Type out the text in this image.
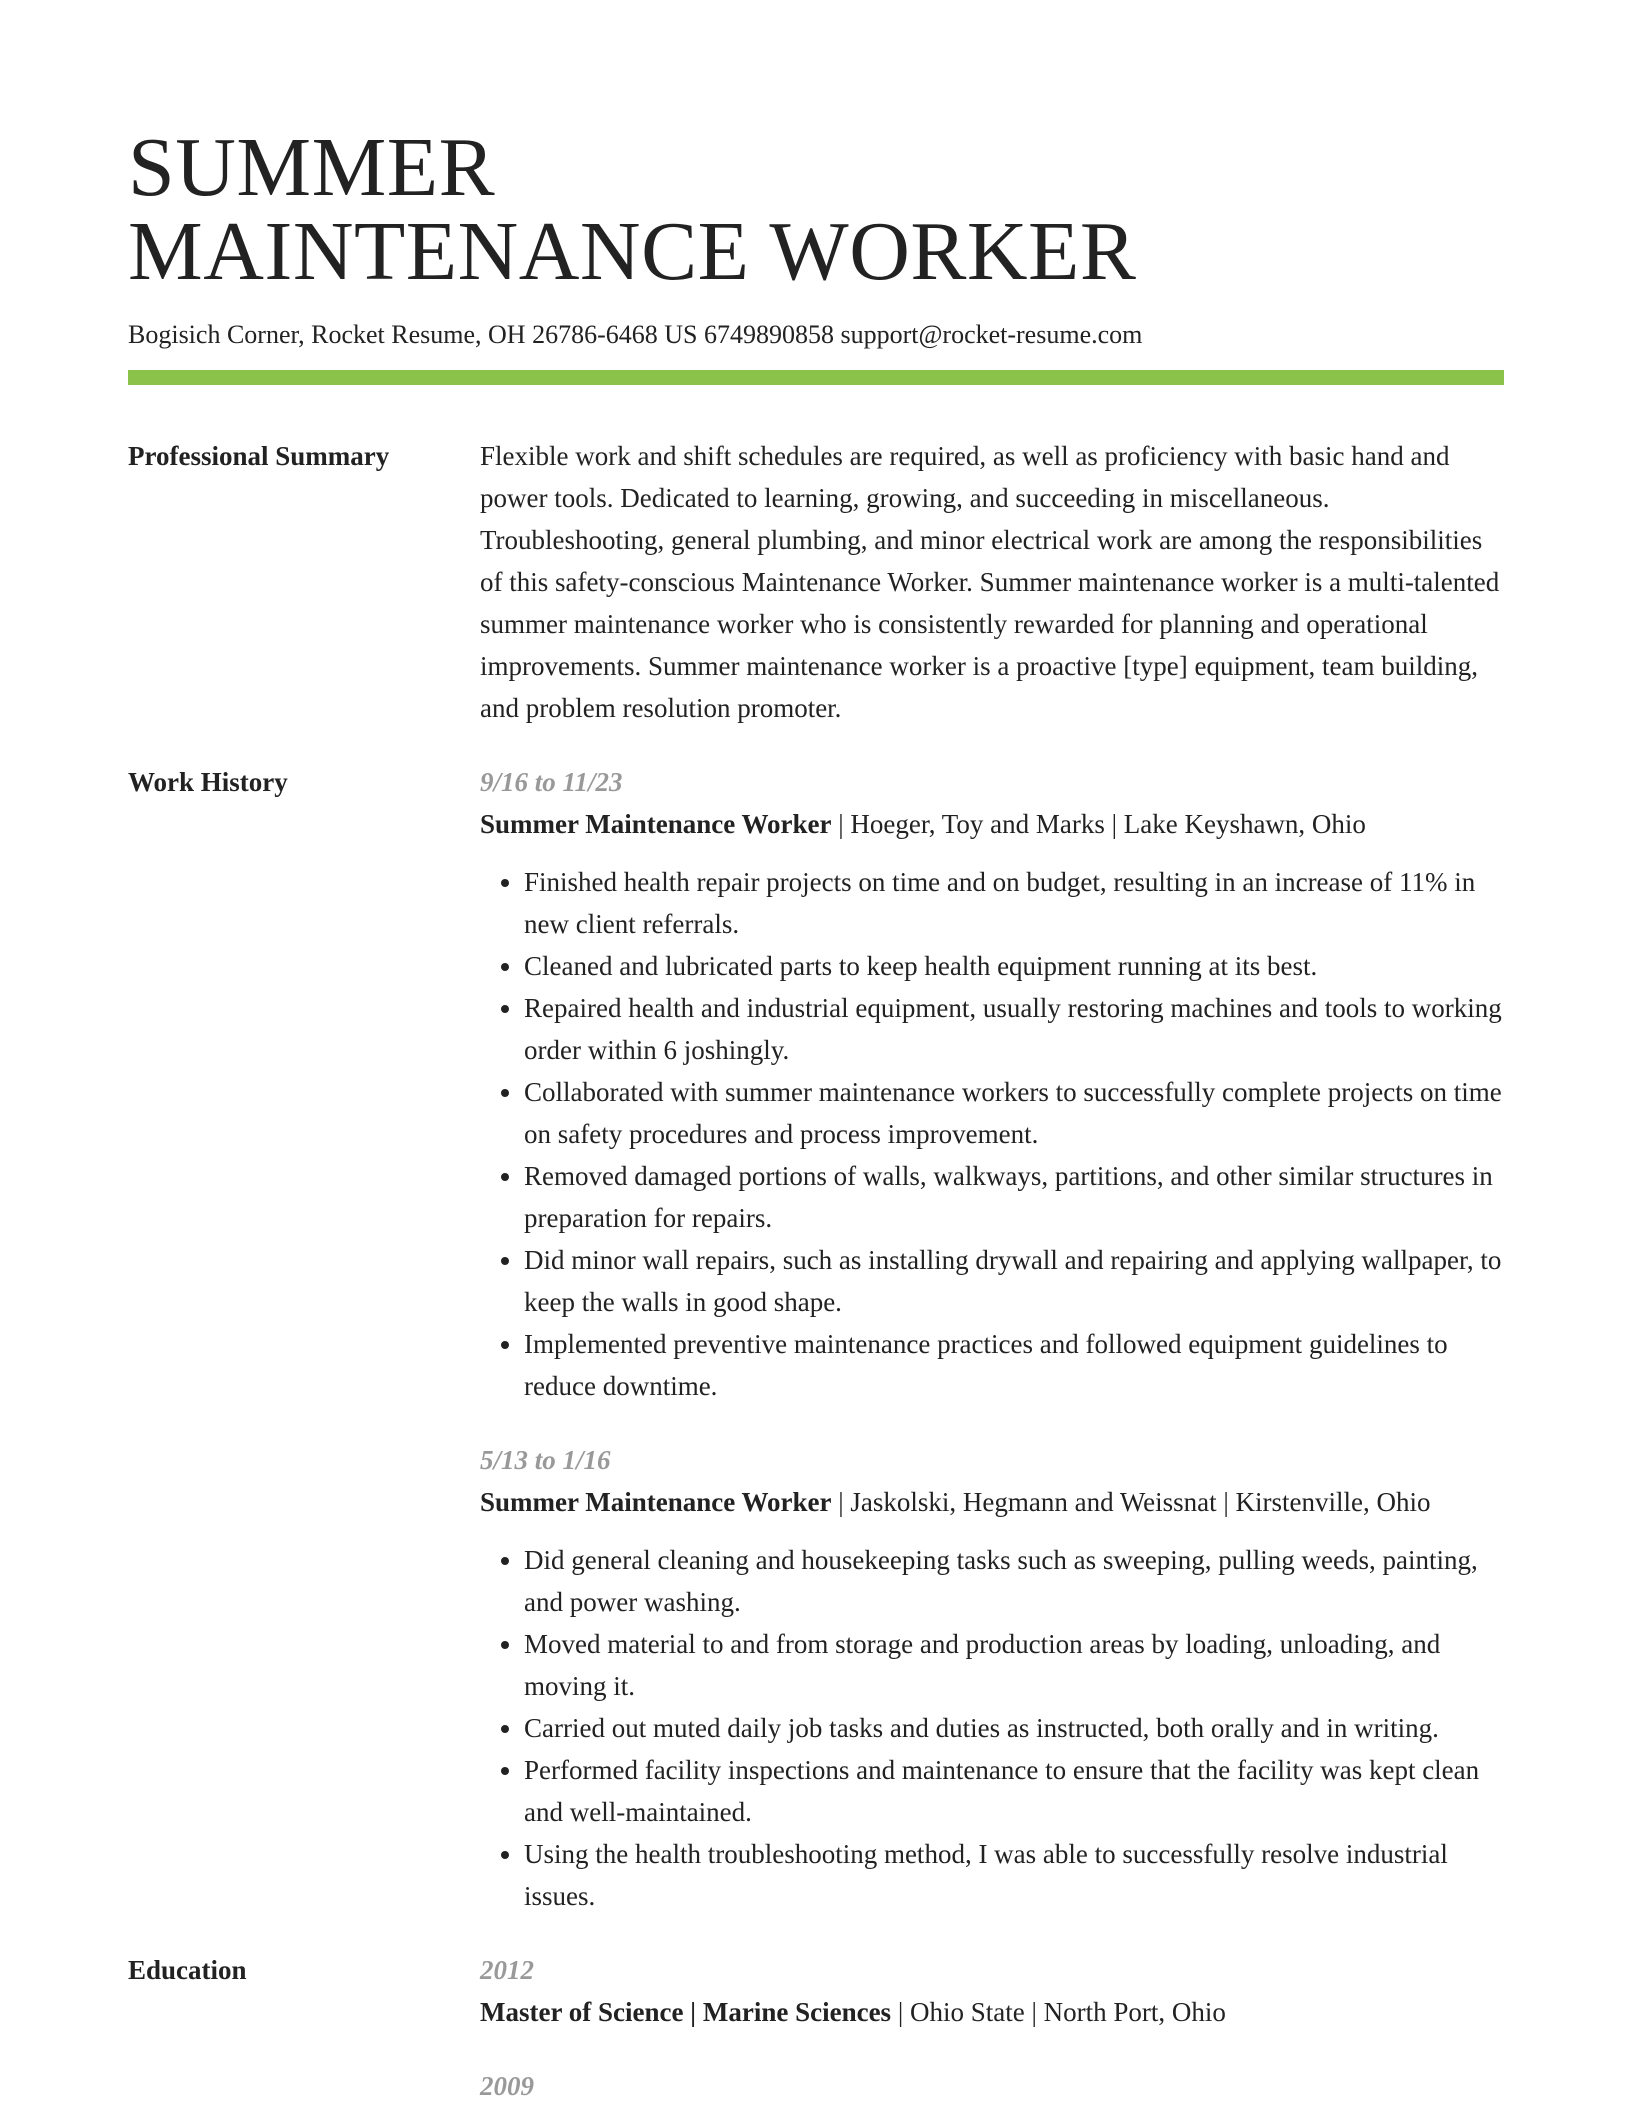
SUMMER
MAINTENANCE WORKER
Bogisich Corner, Rocket Resume, OH 26786-6468 US 6749890858 support@rocket-resume.com
Professional Summary	Flexible work and shift schedules are required, as well as proficiency with basic hand and power tools. Dedicated to learning, growing, and succeeding in miscellaneous. Troubleshooting, general plumbing, and minor electrical work are among the responsibilities of this safety-conscious Maintenance Worker. Summer maintenance worker is a multi-talented summer maintenance worker who is consistently rewarded for planning and operational improvements. Summer maintenance worker is a proactive [type] equipment, team building, and problem resolution promoter.
Work History	9/16 to 11/23
Summer Maintenance Worker | Hoeger, Toy and Marks | Lake Keyshawn, Ohio
• Finished health repair projects on time and on budget, resulting in an increase of 11% in new client referrals.
• Cleaned and lubricated parts to keep health equipment running at its best.
• Repaired health and industrial equipment, usually restoring machines and tools to working order within 6 joshingly.
• Collaborated with summer maintenance workers to successfully complete projects on time on safety procedures and process improvement.
• Removed damaged portions of walls, walkways, partitions, and other similar structures in preparation for repairs.
• Did minor wall repairs, such as installing drywall and repairing and applying wallpaper, to keep the walls in good shape.
• Implemented preventive maintenance practices and followed equipment guidelines to reduce downtime.
5/13 to 1/16
Summer Maintenance Worker | Jaskolski, Hegmann and Weissnat | Kirstenville, Ohio
• Did general cleaning and housekeeping tasks such as sweeping, pulling weeds, painting, and power washing.
• Moved material to and from storage and production areas by loading, unloading, and moving it.
• Carried out muted daily job tasks and duties as instructed, both orally and in writing.
• Performed facility inspections and maintenance to ensure that the facility was kept clean and well-maintained.
• Using the health troubleshooting method, I was able to successfully resolve industrial issues.
Education	2012
Master of Science | Marine Sciences | Ohio State | North Port, Ohio
2009
